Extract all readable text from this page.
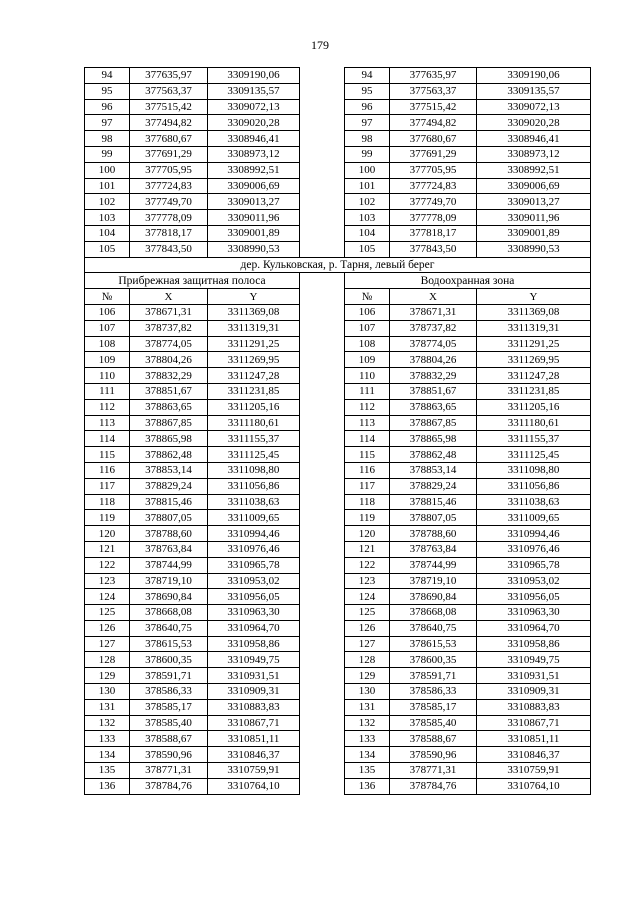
179
94	377635,97	3309190,06		94	377635,97	3309190,06
95	377563,37	3309135,57		95	377563,37	3309135,57
96	377515,42	3309072,13		96	377515,42	3309072,13
97	377494,82	3309020,28		97	377494,82	3309020,28
98	377680,67	3308946,41		98	377680,67	3308946,41
99	377691,29	3308973,12		99	377691,29	3308973,12
100	377705,95	3308992,51		100	377705,95	3308992,51
101	377724,83	3309006,69		101	377724,83	3309006,69
102	377749,70	3309013,27		102	377749,70	3309013,27
103	377778,09	3309011,96		103	377778,09	3309011,96
104	377818,17	3309001,89		104	377818,17	3309001,89
105	377843,50	3308990,53		105	377843,50	3308990,53
дер. Кульковская, р. Тарня, левый берег						
Прибрежная защитная полоса				Водоохранная зона		
№	X	Y		№	X	Y
106	378671,31	3311369,08		106	378671,31	3311369,08
107	378737,82	3311319,31		107	378737,82	3311319,31
108	378774,05	3311291,25		108	378774,05	3311291,25
109	378804,26	3311269,95		109	378804,26	3311269,95
110	378832,29	3311247,28		110	378832,29	3311247,28
111	378851,67	3311231,85		111	378851,67	3311231,85
112	378863,65	3311205,16		112	378863,65	3311205,16
113	378867,85	3311180,61		113	378867,85	3311180,61
114	378865,98	3311155,37		114	378865,98	3311155,37
115	378862,48	3311125,45		115	378862,48	3311125,45
116	378853,14	3311098,80		116	378853,14	3311098,80
117	378829,24	3311056,86		117	378829,24	3311056,86
118	378815,46	3311038,63		118	378815,46	3311038,63
119	378807,05	3311009,65		119	378807,05	3311009,65
120	378788,60	3310994,46		120	378788,60	3310994,46
121	378763,84	3310976,46		121	378763,84	3310976,46
122	378744,99	3310965,78		122	378744,99	3310965,78
123	378719,10	3310953,02		123	378719,10	3310953,02
124	378690,84	3310956,05		124	378690,84	3310956,05
125	378668,08	3310963,30		125	378668,08	3310963,30
126	378640,75	3310964,70		126	378640,75	3310964,70
127	378615,53	3310958,86		127	378615,53	3310958,86
128	378600,35	3310949,75		128	378600,35	3310949,75
129	378591,71	3310931,51		129	378591,71	3310931,51
130	378586,33	3310909,31		130	378586,33	3310909,31
131	378585,17	3310883,83		131	378585,17	3310883,83
132	378585,40	3310867,71		132	378585,40	3310867,71
133	378588,67	3310851,11		133	378588,67	3310851,11
134	378590,96	3310846,37		134	378590,96	3310846,37
135	378771,31	3310759,91		135	378771,31	3310759,91
136	378784,76	3310764,10		136	378784,76	3310764,10
